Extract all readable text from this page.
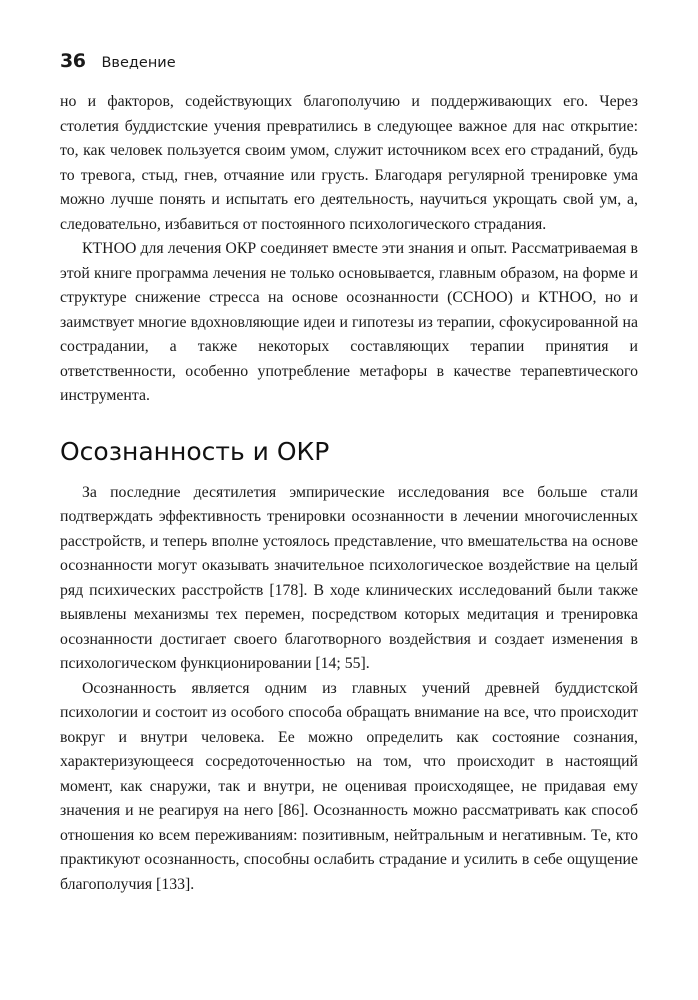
36 Введение

но и факторов, содействующих благополучию и поддерживающих его. Через столетия буддистские учения превратились в следующее важное для нас открытие: то, как человек пользуется своим умом, служит источником всех его страданий, будь то тревога, стыд, гнев, отчаяние или грусть. Благодаря регулярной тренировке ума можно лучше понять и испытать его деятельность, научиться укрощать свой ум, а, следовательно, избавиться от постоянного психологического страдания.

КТНОО для лечения ОКР соединяет вместе эти знания и опыт. Рассматриваемая в этой книге программа лечения не только основывается, главным образом, на форме и структуре снижение стресса на основе осознанности (ССНОО) и КТНОО, но и заимствует многие вдохновляющие идеи и гипотезы из терапии, сфокусированной на сострадании, а также некоторых составляющих терапии принятия и ответственности, особенно употребление метафоры в качестве терапевтического инструмента.

Осознанность и ОКР

За последние десятилетия эмпирические исследования все больше стали подтверждать эффективность тренировки осознанности в лечении многочисленных расстройств, и теперь вполне устоялось представление, что вмешательства на основе осознанности могут оказывать значительное психологическое воздействие на целый ряд психических расстройств [178]. В ходе клинических исследований были также выявлены механизмы тех перемен, посредством которых медитация и тренировка осознанности достигает своего благотворного воздействия и создает изменения в психологическом функционировании [14; 55].

Осознанность является одним из главных учений древней буддистской психологии и состоит из особого способа обращать внимание на все, что происходит вокруг и внутри человека. Ее можно определить как состояние сознания, характеризующееся сосредоточенностью на том, что происходит в настоящий момент, как снаружи, так и внутри, не оценивая происходящее, не придавая ему значения и не реагируя на него [86]. Осознанность можно рассматривать как способ отношения ко всем переживаниям: позитивным, нейтральным и негативным. Те, кто практикуют осознанность, способны ослабить страдание и усилить в себе ощущение благополучия [133].
